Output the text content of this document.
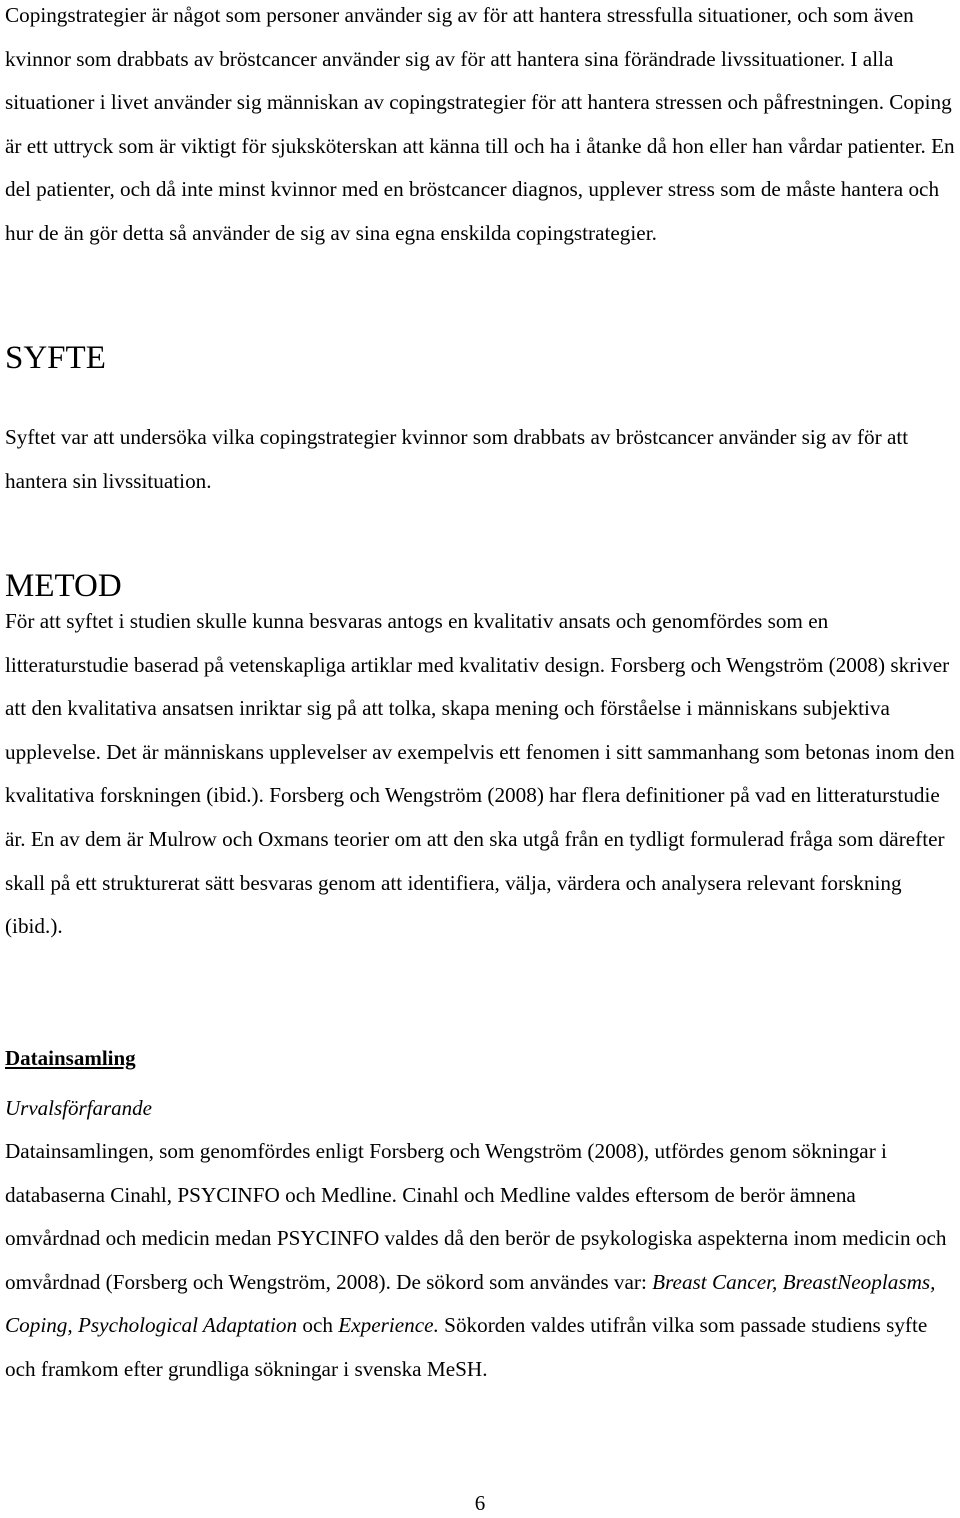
Copingstrategier är något som personer använder sig av för att hantera stressfulla situationer, och som även kvinnor som drabbats av bröstcancer använder sig av för att hantera sina förändrade livssituationer. I alla situationer i livet använder sig människan av copingstrategier för att hantera stressen och påfrestningen. Coping är ett uttryck som är viktigt för sjuksköterskan att känna till och ha i åtanke då hon eller han vårdar patienter. En del patienter, och då inte minst kvinnor med en bröstcancer diagnos, upplever stress som de måste hantera och hur de än gör detta så använder de sig av sina egna enskilda copingstrategier.

SYFTE

Syftet var att undersöka vilka copingstrategier kvinnor som drabbats av bröstcancer använder sig av för att hantera sin livssituation.

METOD

För att syftet i studien skulle kunna besvaras antogs en kvalitativ ansats och genomfördes som en litteraturstudie baserad på vetenskapliga artiklar med kvalitativ design. Forsberg och Wengström (2008) skriver att den kvalitativa ansatsen inriktar sig på att tolka, skapa mening och förståelse i människans subjektiva upplevelse. Det är människans upplevelser av exempelvis ett fenomen i sitt sammanhang som betonas inom den kvalitativa forskningen (ibid.). Forsberg och Wengström (2008) har flera definitioner på vad en litteraturstudie är. En av dem är Mulrow och Oxmans teorier om att den ska utgå från en tydligt formulerad fråga som därefter skall på ett strukturerat sätt besvaras genom att identifiera, välja, värdera och analysera relevant forskning (ibid.).

Datainsamling
Urvalsförfarande

Datainsamlingen, som genomfördes enligt Forsberg och Wengström (2008), utfördes genom sökningar i databaserna Cinahl, PSYCINFO och Medline. Cinahl och Medline valdes eftersom de berör ämnena omvårdnad och medicin medan PSYCINFO valdes då den berör de psykologiska aspekterna inom medicin och omvårdnad (Forsberg och Wengström, 2008). De sökord som användes var: Breast Cancer, BreastNeoplasms, Coping, Psychological Adaptation och Experience. Sökorden valdes utifrån vilka som passade studiens syfte och framkom efter grundliga sökningar i svenska MeSH.

6
